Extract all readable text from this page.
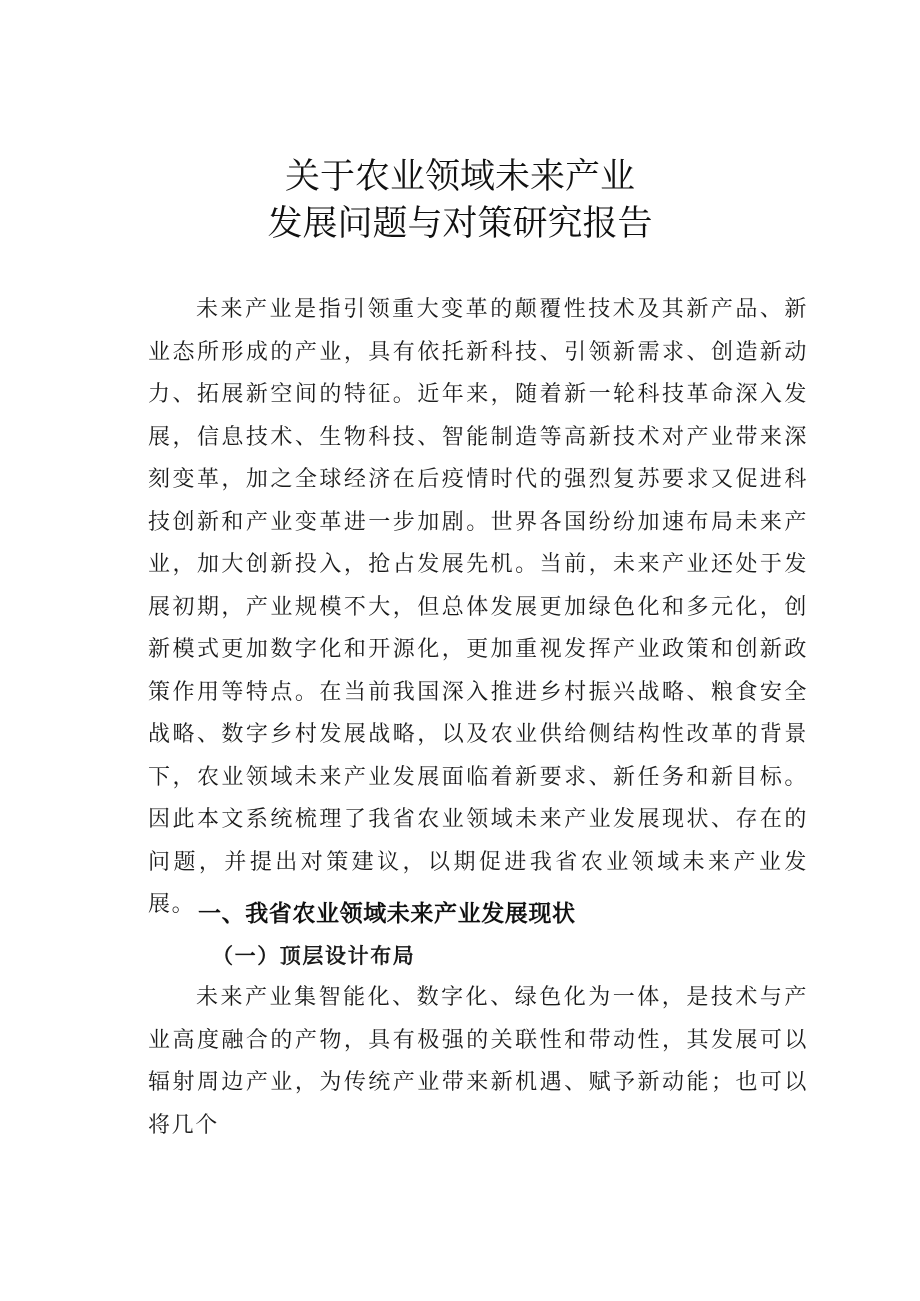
关于农业领域未来产业
发展问题与对策研究报告

未来产业是指引领重大变革的颠覆性技术及其新产品、新业态所形成的产业，具有依托新科技、引领新需求、创造新动力、拓展新空间的特征。近年来，随着新一轮科技革命深入发展，信息技术、生物科技、智能制造等高新技术对产业带来深刻变革，加之全球经济在后疫情时代的强烈复苏要求又促进科技创新和产业变革进一步加剧。世界各国纷纷加速布局未来产业，加大创新投入，抢占发展先机。当前，未来产业还处于发展初期，产业规模不大，但总体发展更加绿色化和多元化，创新模式更加数字化和开源化，更加重视发挥产业政策和创新政策作用等特点。在当前我国深入推进乡村振兴战略、粮食安全战略、数字乡村发展战略，以及农业供给侧结构性改革的背景下，农业领域未来产业发展面临着新要求、新任务和新目标。因此本文系统梳理了我省农业领域未来产业发展现状、存在的问题，并提出对策建议，以期促进我省农业领域未来产业发展。 一、我省农业领域未来产业发展现状
（一）顶层设计布局

未来产业集智能化、数字化、绿色化为一体，是技术与产业高度融合的产物，具有极强的关联性和带动性，其发展可以辐射周边产业，为传统产业带来新机遇、赋予新动能；也可以将几个
